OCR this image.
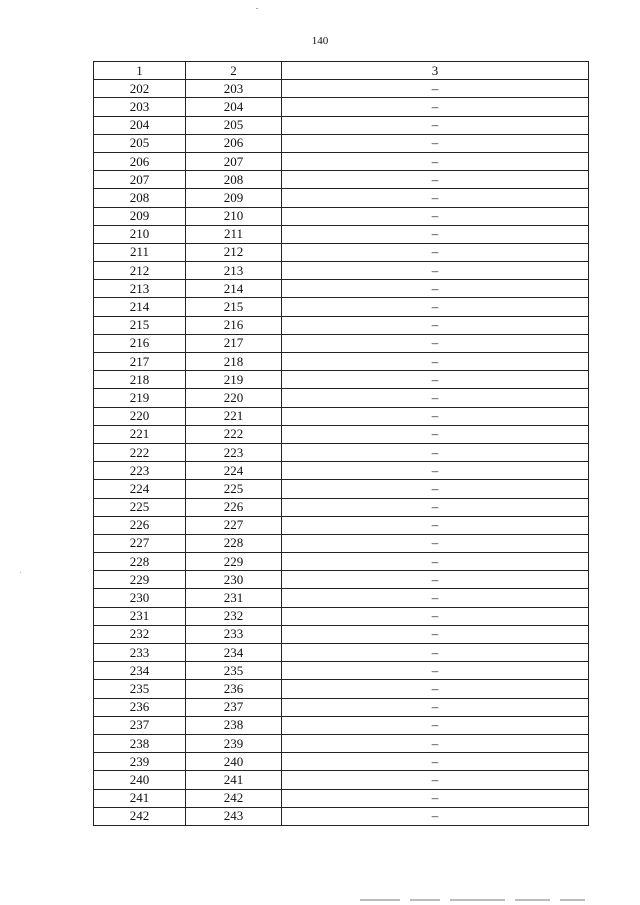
140
1	2	3
202	203	–
203	204	–
204	205	–
205	206	–
206	207	–
207	208	–
208	209	–
209	210	–
210	211	–
211	212	–
212	213	–
213	214	–
214	215	–
215	216	–
216	217	–
217	218	–
218	219	–
219	220	–
220	221	–
221	222	–
222	223	–
223	224	–
224	225	–
225	226	–
226	227	–
227	228	–
228	229	–
229	230	–
230	231	–
231	232	–
232	233	–
233	234	–
234	235	–
235	236	–
236	237	–
237	238	–
238	239	–
239	240	–
240	241	–
241	242	–
242	243	–
